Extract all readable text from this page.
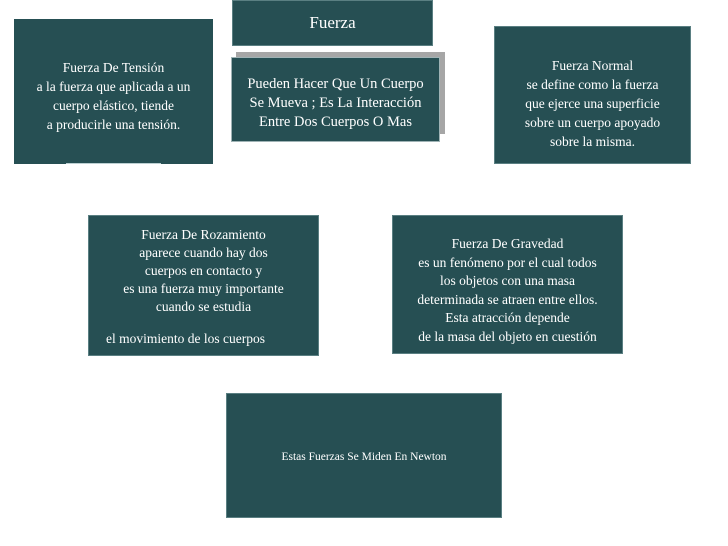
Fuerza
Pueden Hacer Que Un Cuerpo
Se Mueva ; Es La Interacción
Entre Dos Cuerpos O Mas
Fuerza De Tensión
a la fuerza que aplicada a un
cuerpo elástico, tiende
a producirle una tensión.
Fuerza Normal
se define como la fuerza
que ejerce una superficie
sobre un cuerpo apoyado
sobre la misma.
Fuerza De Rozamiento
aparece cuando hay dos
cuerpos en contacto y
es una fuerza muy importante
cuando se estudia
el movimiento de los cuerpos
Fuerza De Gravedad
es un fenómeno por el cual todos
los objetos con una masa
determinada se atraen entre ellos.
Esta atracción depende
de la masa del objeto en cuestión
Estas Fuerzas Se Miden En Newton
